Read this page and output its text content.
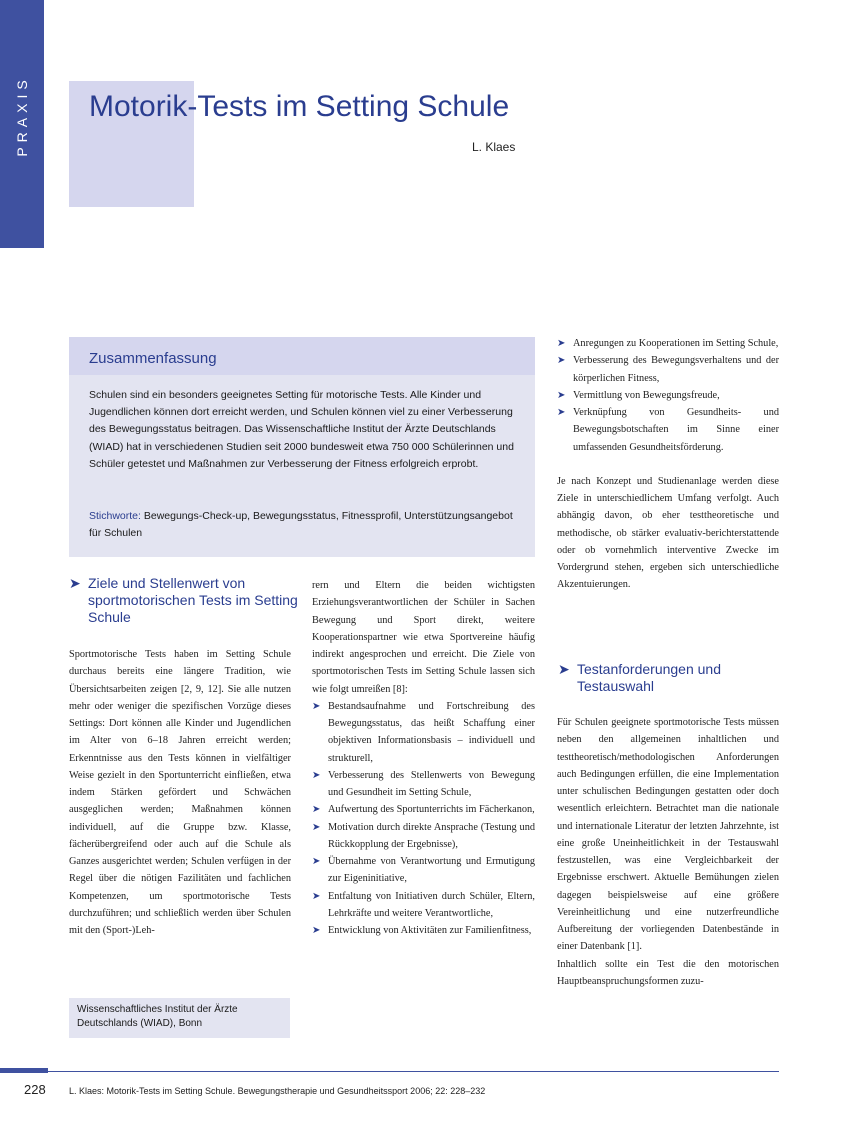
PRAXIS Motorik-Tests im Setting Schule
L. Klaes
Zusammenfassung
Schulen sind ein besonders geeignetes Setting für motorische Tests. Alle Kinder und Jugendlichen können dort erreicht werden, und Schulen können viel zu einer Verbesserung des Bewegungsstatus beitragen. Das Wissenschaftliche Institut der Ärzte Deutschlands (WIAD) hat in verschiedenen Studien seit 2000 bundesweit etwa 750 000 Schülerinnen und Schüler getestet und Maßnahmen zur Verbesserung der Fitness erfolgreich erprobt.
Stichworte: Bewegungs-Check-up, Bewegungsstatus, Fitnessprofil, Unterstützungsangebot für Schulen
➤ Ziele und Stellenwert von sportmotorischen Tests im Setting Schule

Sportmotorische Tests haben im Setting Schule durchaus bereits eine längere Tradition, wie Übersichtsarbeiten zeigen [2, 9, 12]. Sie alle nutzen mehr oder weniger die spezifischen Vorzüge dieses Settings: Dort können alle Kinder und Jugendlichen im Alter von 6–18 Jahren erreicht werden; Erkenntnisse aus den Tests können in vielfältiger Weise gezielt in den Sportunterricht einfließen, etwa indem Stärken gefördert und Schwächen ausgeglichen werden; Maßnahmen können individuell, auf die Gruppe bzw. Klasse, fächerübergreifend oder auch auf die Schule als Ganzes ausgerichtet werden; Schulen verfügen in der Regel über die nötigen Fazilitäten und fachlichen Kompetenzen, um sportmotorische Tests durchzuführen; und schließlich werden über Schulen mit den (Sport-)Leh-

Wissenschaftliches Institut der Ärzte
Deutschlands (WIAD), Bonn

rern und Eltern die beiden wichtigsten Erziehungsverantwortlichen der Schüler in Sachen Bewegung und Sport direkt, weitere Kooperationspartner wie etwa Sportvereine häufig indirekt angesprochen und erreicht. Die Ziele von sportmotorischen Tests im Setting Schule lassen sich wie folgt umreißen [8]:

➤ Bestandsaufnahme und Fortschreibung des Bewegungsstatus, das heißt Schaffung einer objektiven Informationsbasis – individuell und strukturell,
➤ Verbesserung des Stellenwerts von Bewegung und Gesundheit im Setting Schule,
➤ Aufwertung des Sportunterrichts im Fächerkanon,
➤ Motivation durch direkte Ansprache (Testung und Rückkopplung der Ergebnisse),
➤ Übernahme von Verantwortung und Ermutigung zur Eigeninitiative,
➤ Entfaltung von Initiativen durch Schüler, Eltern, Lehrkräfte und weitere Verantwortliche,
➤ Entwicklung von Aktivitäten zur Familienfitness,
➤ Anregungen zu Kooperationen im Setting Schule,
➤ Verbesserung des Bewegungsverhaltens und der körperlichen Fitness,
➤ Vermittlung von Bewegungsfreude,
➤ Verknüpfung von Gesundheits- und Bewegungsbotschaften im Sinne einer umfassenden Gesundheitsförderung.

Je nach Konzept und Studienanlage werden diese Ziele in unterschiedlichem Umfang verfolgt. Auch abhängig davon, ob eher testtheoretische und methodische, ob stärker evaluativ-berichterstattende oder ob vornehmlich interventive Zwecke im Vordergrund stehen, ergeben sich unterschiedliche Akzentuierungen.

➤ Testanforderungen und Testauswahl

Für Schulen geeignete sportmotorische Tests müssen neben den allgemeinen inhaltlichen und testtheoretisch/methodologischen Anforderungen auch Bedingungen erfüllen, die eine Implementation unter schulischen Bedingungen gestatten oder doch wesentlich erleichtern. Betrachtet man die nationale und internationale Literatur der letzten Jahrzehnte, ist eine große Uneinheitlichkeit in der Testauswahl festzustellen, was eine Vergleichbarkeit der Ergebnisse erschwert. Aktuelle Bemühungen zielen dagegen beispielsweise auf eine größere Vereinheitlichung und eine nutzerfreundliche Aufbereitung der vorliegenden Datenbestände in einer Datenbank [1].

Inhaltlich sollte ein Test die den motorischen Hauptbeanspruchungsformen zuzu-

228	L. Klaes: Motorik-Tests im Setting Schule. Bewegungstherapie und Gesundheitssport 2006; 22: 228–232
